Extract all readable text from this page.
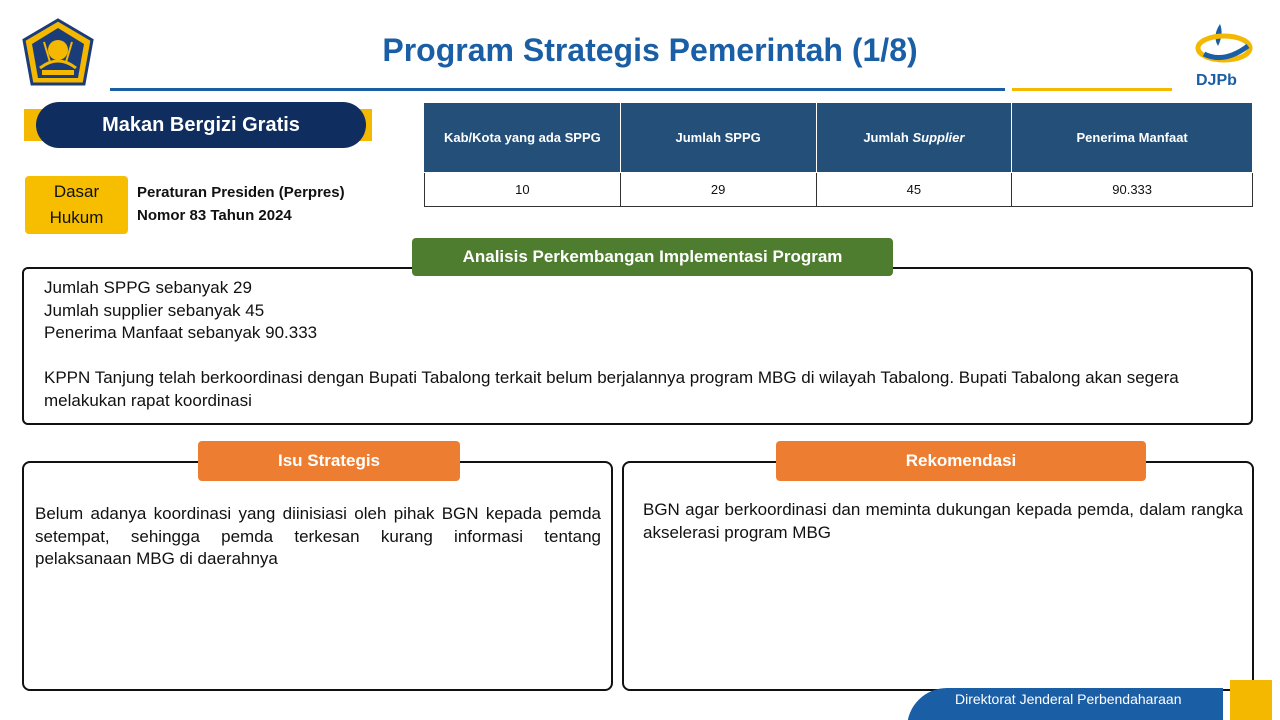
Program Strategis Pemerintah (1/8)
DJPb
Makan Bergizi Gratis
Dasar
Hukum
Peraturan Presiden (Perpres)
Nomor 83 Tahun 2024
Kab/Kota yang ada SPPG	Jumlah SPPG	Jumlah Supplier	Penerima Manfaat
10	29	45	90.333
Analisis Perkembangan Implementasi Program

Jumlah SPPG sebanyak 29

Jumlah supplier sebanyak 45

Penerima Manfaat sebanyak 90.333

KPPN Tanjung telah berkoordinasi dengan Bupati Tabalong terkait belum berjalannya program MBG di wilayah Tabalong. Bupati Tabalong akan segera melakukan rapat koordinasi

Isu Strategis
Belum adanya koordinasi yang diinisiasi oleh pihak BGN kepada pemda setempat, sehingga pemda terkesan kurang informasi tentang pelaksanaan MBG di daerahnya
Rekomendasi
BGN agar berkoordinasi dan meminta dukungan kepada pemda, dalam rangka akselerasi program MBG
Direktorat Jenderal Perbendaharaan
